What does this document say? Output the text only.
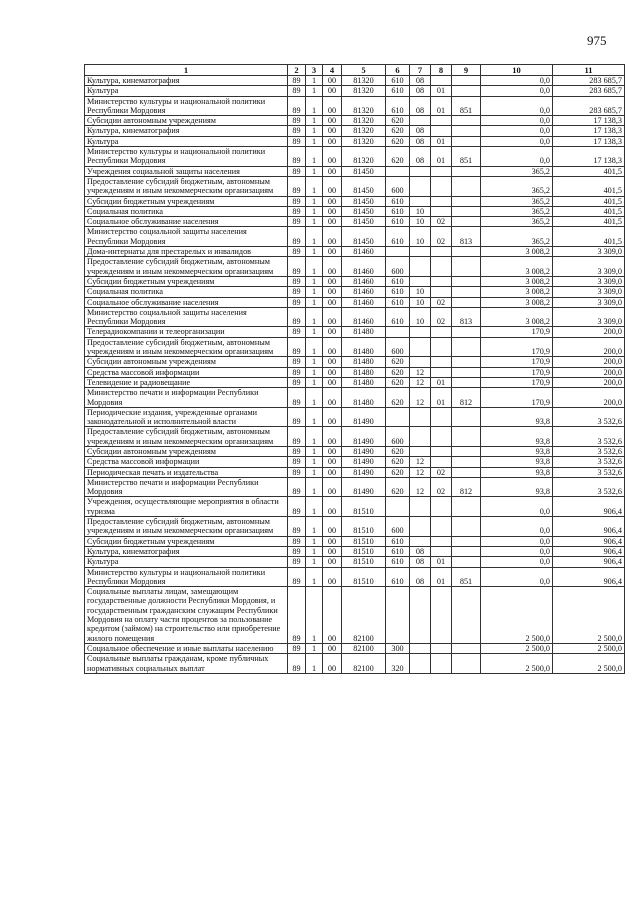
975
1	2	3	4	5	6	7	8	9	10	11
Культура, кинематография	89	1	00	81320	610	08			0,0	283 685,7
Культура	89	1	00	81320	610	08	01		0,0	283 685,7
Министерство культуры и национальной политики Республики Мордовия	89	1	00	81320	610	08	01	851	0,0	283 685,7
Субсидии автономным учреждениям	89	1	00	81320	620				0,0	17 138,3
Культура, кинематография	89	1	00	81320	620	08			0,0	17 138,3
Культура	89	1	00	81320	620	08	01		0,0	17 138,3
Министерство культуры и национальной политики Республики Мордовия	89	1	00	81320	620	08	01	851	0,0	17 138,3
Учреждения социальной защиты населения	89	1	00	81450					365,2	401,5
Предоставление субсидий бюджетным, автономным учреждениям и иным некоммерческим организациям	89	1	00	81450	600				365,2	401,5
Субсидии бюджетным учреждениям	89	1	00	81450	610				365,2	401,5
Социальная политика	89	1	00	81450	610	10			365,2	401,5
Социальное обслуживание населения	89	1	00	81450	610	10	02		365,2	401,5
Министерство социальной защиты населения Республики Мордовия	89	1	00	81450	610	10	02	813	365,2	401,5
Дома-интернаты для престарелых и инвалидов	89	1	00	81460					3 008,2	3 309,0
Предоставление субсидий бюджетным, автономным учреждениям и иным некоммерческим организациям	89	1	00	81460	600				3 008,2	3 309,0
Субсидии бюджетным учреждениям	89	1	00	81460	610				3 008,2	3 309,0
Социальная политика	89	1	00	81460	610	10			3 008,2	3 309,0
Социальное обслуживание населения	89	1	00	81460	610	10	02		3 008,2	3 309,0
Министерство социальной защиты населения Республики Мордовия	89	1	00	81460	610	10	02	813	3 008,2	3 309,0
Телерадиокомпании и телеорганизации	89	1	00	81480					170,9	200,0
Предоставление субсидий бюджетным, автономным учреждениям и иным некоммерческим организациям	89	1	00	81480	600				170,9	200,0
Субсидии автономным учреждениям	89	1	00	81480	620				170,9	200,0
Средства массовой информации	89	1	00	81480	620	12			170,9	200,0
Телевидение и радиовещание	89	1	00	81480	620	12	01		170,9	200,0
Министерство печати и информации Республики Мордовия	89	1	00	81480	620	12	01	812	170,9	200,0
Периодические издания, учрежденные органами законодательной и исполнительной власти	89	1	00	81490					93,8	3 532,6
Предоставление субсидий бюджетным, автономным учреждениям и иным некоммерческим организациям	89	1	00	81490	600				93,8	3 532,6
Субсидии автономным учреждениям	89	1	00	81490	620				93,8	3 532,6
Средства массовой информации	89	1	00	81490	620	12			93,8	3 532,6
Периодическая печать и издательства	89	1	00	81490	620	12	02		93,8	3 532,6
Министерство печати и информации Республики Мордовия	89	1	00	81490	620	12	02	812	93,8	3 532,6
Учреждения, осуществляющие мероприятия в области туризма	89	1	00	81510					0,0	906,4
Предоставление субсидий бюджетным, автономным учреждениям и иным некоммерческим организациям	89	1	00	81510	600				0,0	906,4
Субсидии бюджетным учреждениям	89	1	00	81510	610				0,0	906,4
Культура, кинематография	89	1	00	81510	610	08			0,0	906,4
Культура	89	1	00	81510	610	08	01		0,0	906,4
Министерство культуры и национальной политики Республики Мордовия	89	1	00	81510	610	08	01	851	0,0	906,4
Социальные выплаты лицам, замещающим государственные должности Республики Мордовия, и государственным гражданским служащим Республики Мордовия на оплату части процентов за пользование кредитом (займом) на строительство или приобретение жилого помещения	89	1	00	82100					2 500,0	2 500,0
Социальное обеспечение и иные выплаты населению	89	1	00	82100	300				2 500,0	2 500,0
Социальные выплаты гражданам, кроме публичных нормативных социальных выплат	89	1	00	82100	320				2 500,0	2 500,0
